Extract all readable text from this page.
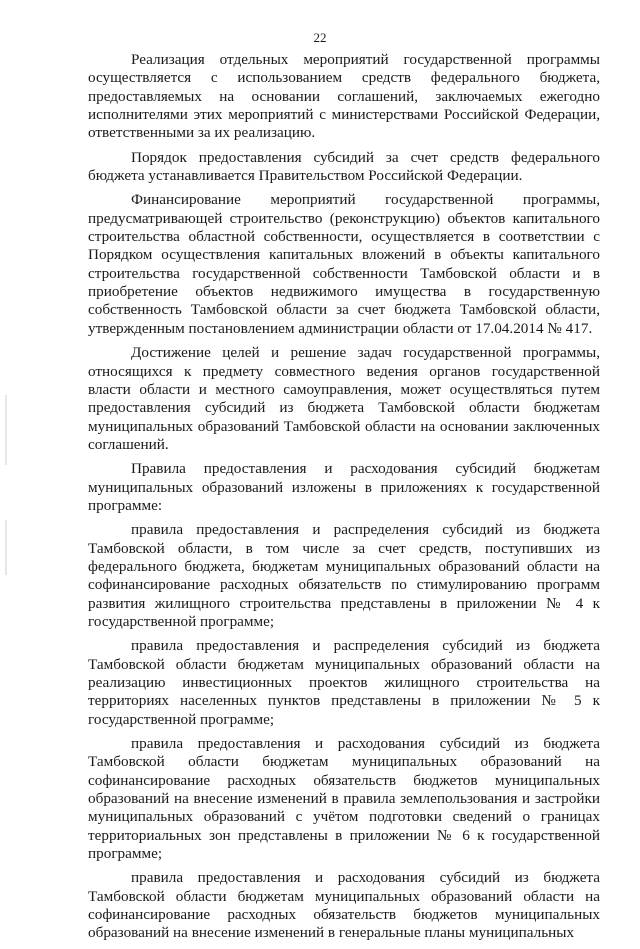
22

Реализация отдельных мероприятий государственной программы осуществляется с использованием средств федерального бюджета, предоставляемых на основании соглашений, заключаемых ежегодно исполнителями этих мероприятий с министерствами Российской Федерации, ответственными за их реализацию.

Порядок предоставления субсидий за счет средств федерального бюджета устанавливается Правительством Российской Федерации.

Финансирование мероприятий государственной программы, предусматривающей строительство (реконструкцию) объектов капитального строительства областной собственности, осуществляется в соответствии с Порядком осуществления капитальных вложений в объекты капитального строительства государственной собственности Тамбовской области и в приобретение объектов недвижимого имущества в государственную собственность Тамбовской области за счет бюджета Тамбовской области, утвержденным постановлением администрации области от 17.04.2014 № 417.

Достижение целей и решение задач государственной программы, относящихся к предмету совместного ведения органов государственной власти области и местного самоуправления, может осуществляться путем предоставления субсидий из бюджета Тамбовской области бюджетам муниципальных образований Тамбовской области на основании заключенных соглашений.

Правила предоставления и расходования субсидий бюджетам муниципальных образований изложены в приложениях к государственной программе:

правила предоставления и распределения субсидий из бюджета Тамбовской области, в том числе за счет средств, поступивших из федерального бюджета, бюджетам муниципальных образований области на софинансирование расходных обязательств по стимулированию программ развития жилищного строительства представлены в приложении № 4 к государственной программе;

правила предоставления и распределения субсидий из бюджета Тамбовской области бюджетам муниципальных образований области на реализацию инвестиционных проектов жилищного строительства на территориях населенных пунктов представлены в приложении № 5 к государственной программе;

правила предоставления и расходования субсидий из бюджета Тамбовской области бюджетам муниципальных образований на софинансирование расходных обязательств бюджетов муниципальных образований на внесение изменений в правила землепользования и застройки муниципальных образований с учётом подготовки сведений о границах территориальных зон представлены в приложении № 6 к государственной программе;

правила предоставления и расходования субсидий из бюджета Тамбовской области бюджетам муниципальных образований области на софинансирование расходных обязательств бюджетов муниципальных образований на внесение изменений в генеральные планы муниципальных
